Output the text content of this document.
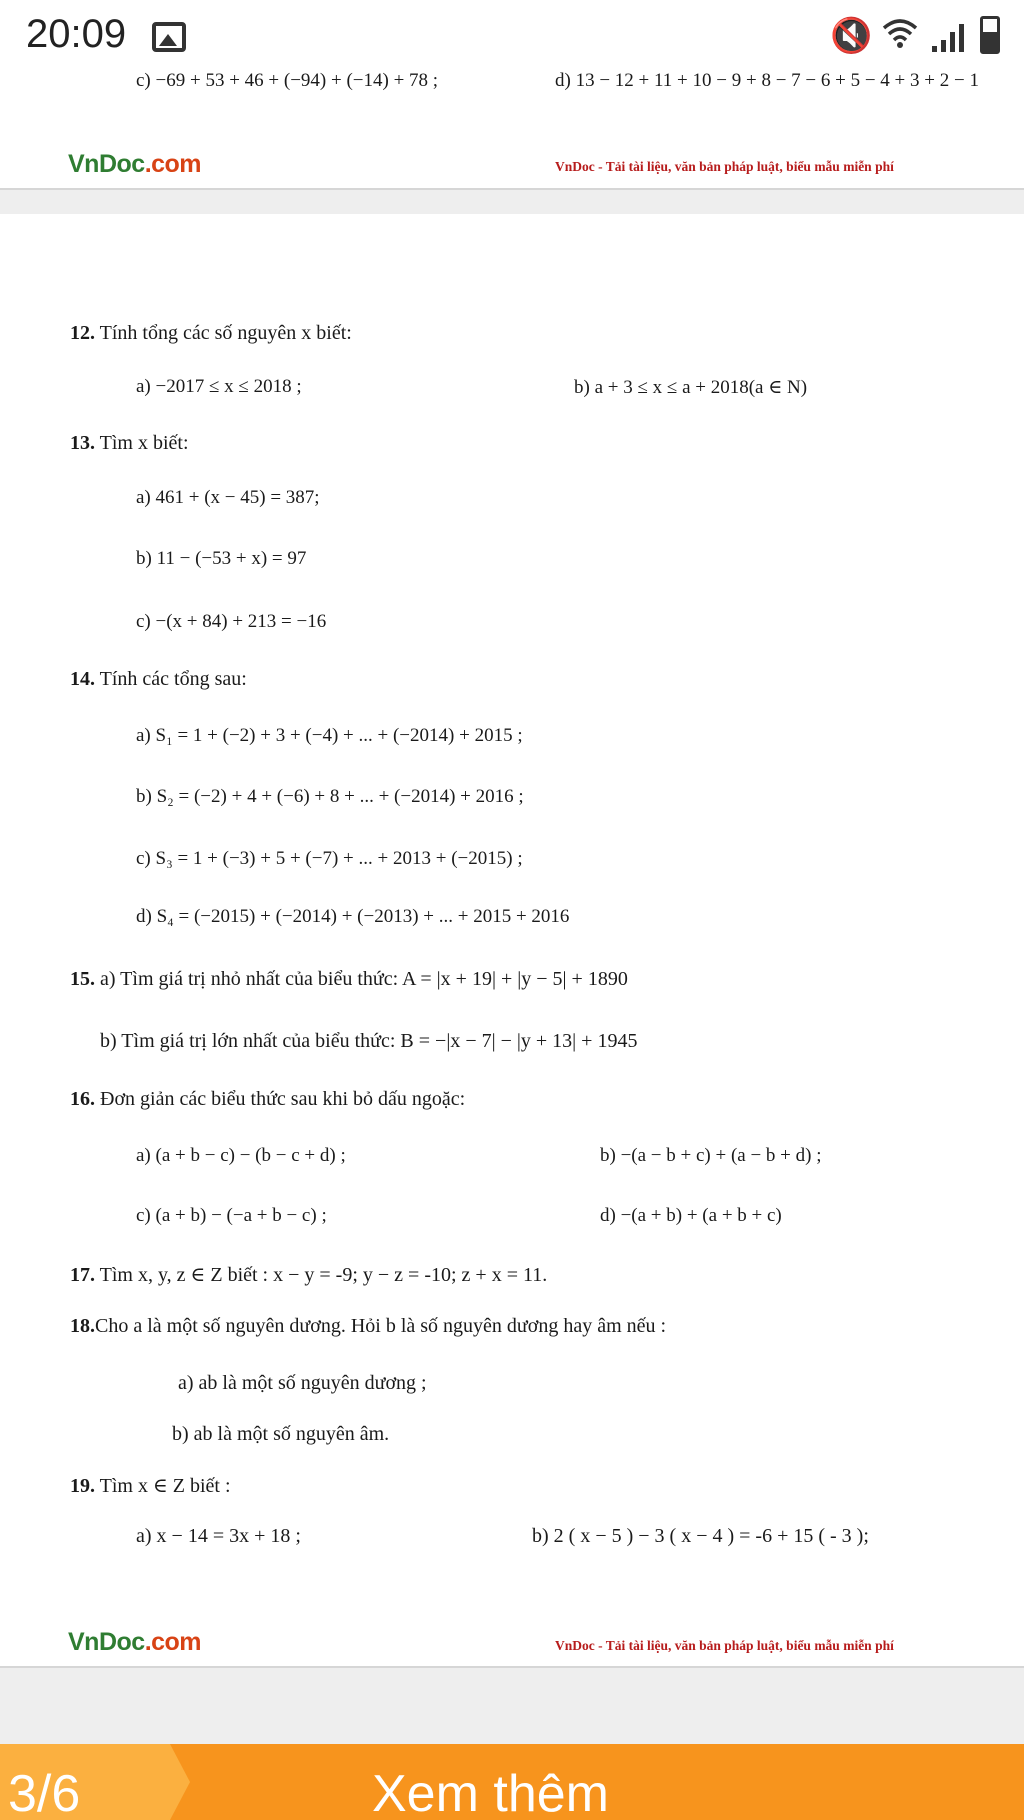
20:09	🔇
c) −69 + 53 + 46 + (−94) + (−14) + 78 ;	d) 13 − 12 + 11 + 10 − 9 + 8 − 7 − 6 + 5 − 4 + 3 + 2 − 1
VnDoc.com	VnDoc - Tải tài liệu, văn bản pháp luật, biểu mẫu miễn phí
12. Tính tổng các số nguyên x biết:
a) −2017 ≤ x ≤ 2018 ;	b) a + 3 ≤ x ≤ a + 2018(a ∈ N)
13. Tìm x biết:
a) 461 + (x − 45) = 387;
b) 11 − (−53 + x) = 97
c) −(x + 84) + 213 = −16
14. Tính các tổng sau:
a) S₁ = 1 + (−2) + 3 + (−4) + ... + (−2014) + 2015 ;
b) S₂ = (−2) + 4 + (−6) + 8 + ... + (−2014) + 2016 ;
c) S₃ = 1 + (−3) + 5 + (−7) + ... + 2013 + (−2015) ;
d) S₄ = (−2015) + (−2014) + (−2013) + ... + 2015 + 2016
15. a) Tìm giá trị nhỏ nhất của biểu thức: A = |x + 19| + |y − 5| + 1890
b) Tìm giá trị lớn nhất của biểu thức: B = −|x − 7| − |y + 13| + 1945
16. Đơn giản các biểu thức sau khi bỏ dấu ngoặc:
a) (a + b − c) − (b − c + d) ;	b) −(a − b + c) + (a − b + d) ;
c) (a + b) − (−a + b − c) ;	d) −(a + b) + (a + b + c)
17. Tìm x, y, z ∈ Z biết : x − y = -9; y − z = -10; z + x = 11.
18.Cho a là một số nguyên dương. Hỏi b là số nguyên dương hay âm nếu :
a) ab là một số nguyên dương ;
b) ab là một số nguyên âm.
19. Tìm x ∈ Z biết :
a) x − 14 = 3x + 18 ;	b) 2 ( x − 5 ) − 3 ( x − 4 ) = -6 + 15 ( - 3 );
VnDoc.com	VnDoc - Tải tài liệu, văn bản pháp luật, biểu mẫu miễn phí
3/6	Xem thêm
